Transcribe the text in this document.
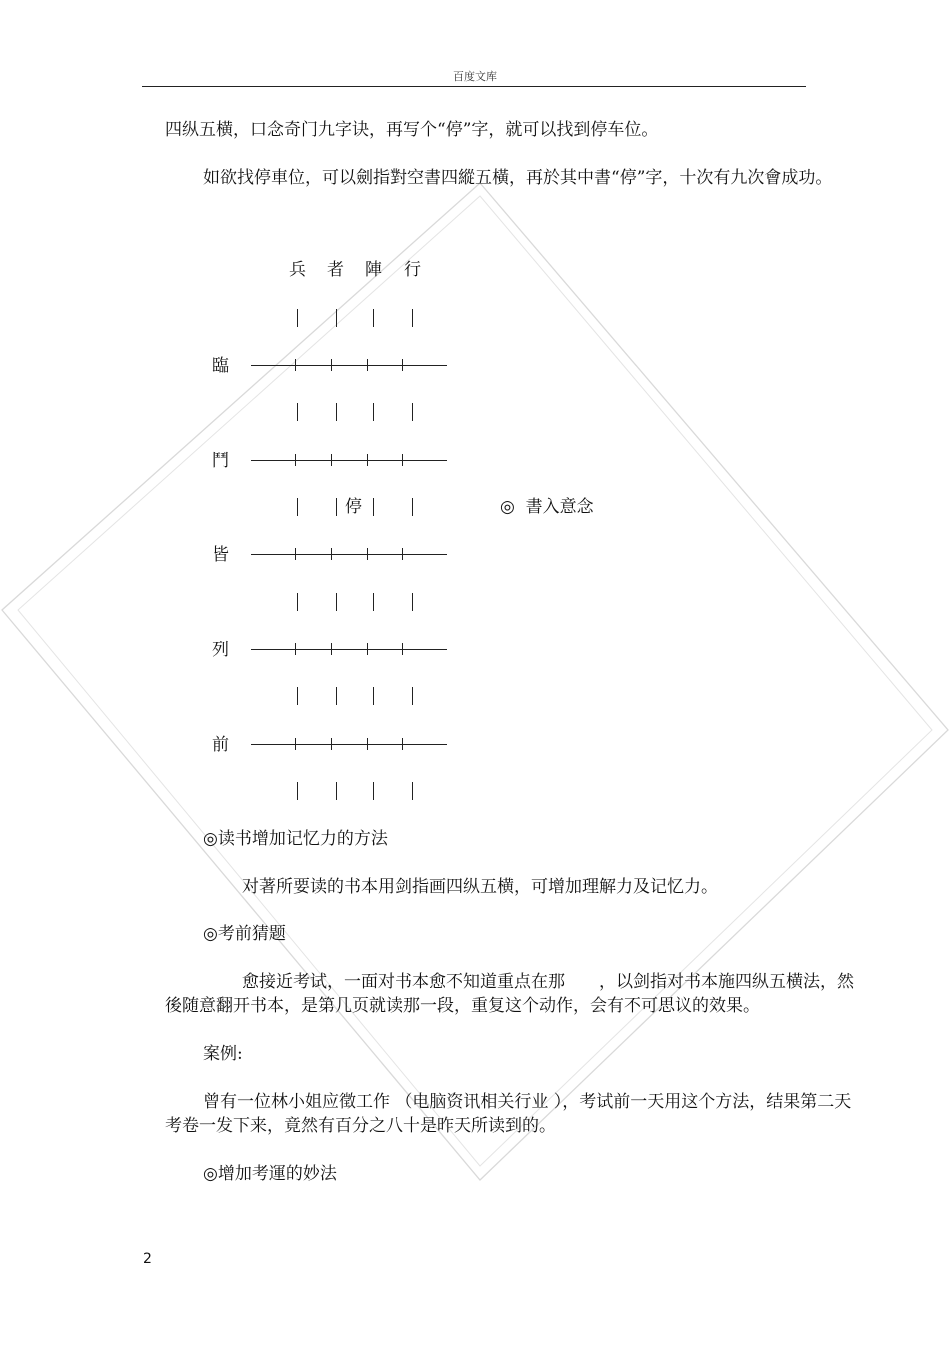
百度文库
四纵五横，口念奇门九字诀，再写个“停”字，就可以找到停车位。
如欲找停車位，可以劍指對空書四縱五橫，再於其中書“停”字，十次有九次會成功。
兵 者 陣 行
臨
鬥
停	◎  書入意念
皆
列
前
◎读书增加记忆力的方法
对著所要读的书本用剑指画四纵五横，可增加理解力及记忆力。
◎考前猜题
愈接近考试，一面对书本愈不知道重点在那　　，以剑指对书本施四纵五横法，然
後随意翻开书本，是第几页就读那一段，重复这个动作，会有不可思议的效果。
案例:
曾有一位林小姐应徵工作 （电脑资讯相关行业 ），考试前一天用这个方法，结果第二天
考卷一发下来，竟然有百分之八十是昨天所读到的。
◎增加考運的妙法
2
